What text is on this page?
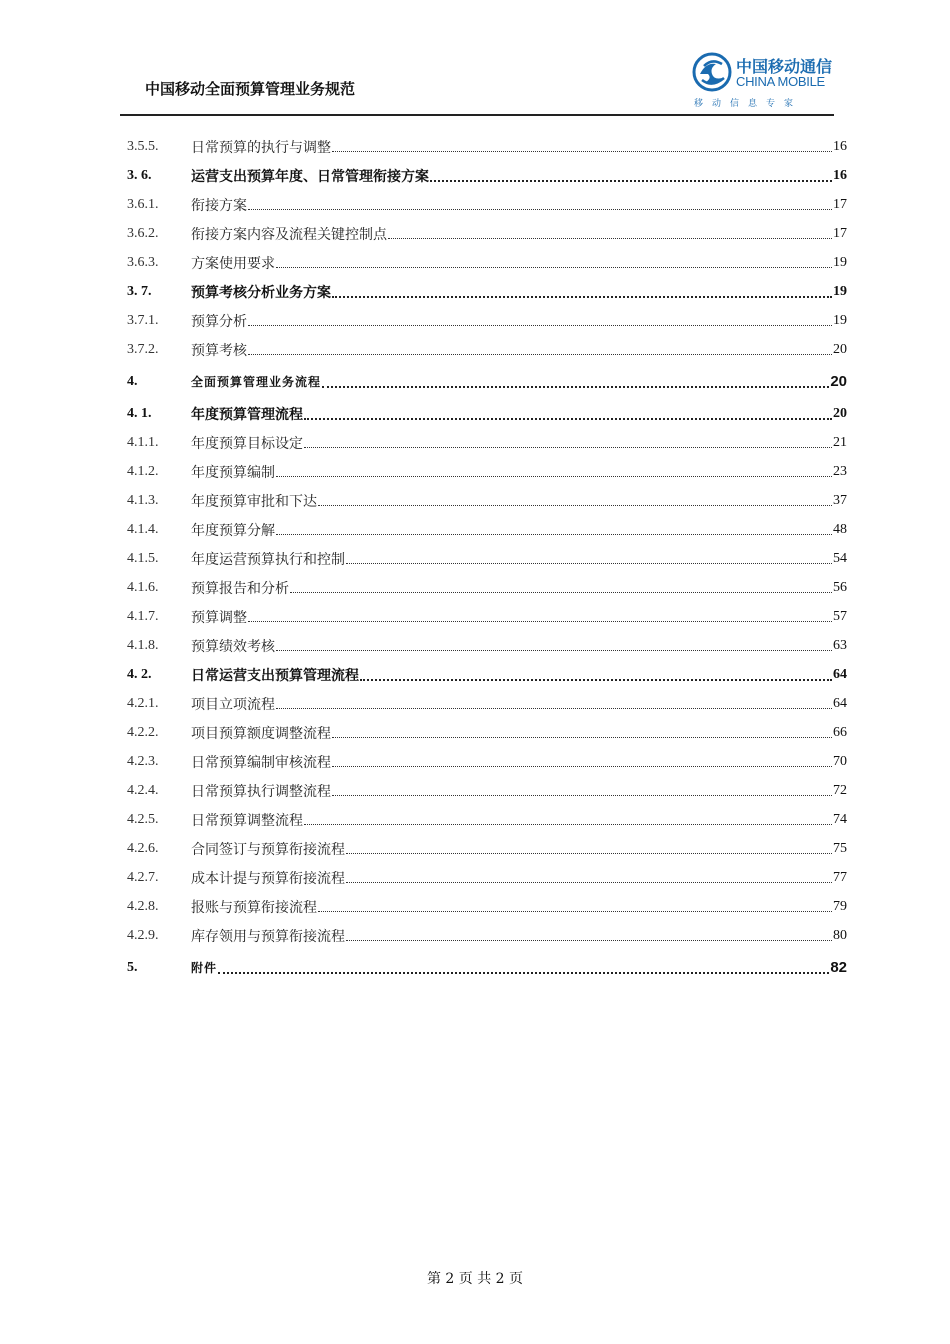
中国移动全面预算管理业务规范
中国移动通信
CHINA MOBILE
移动信息专家
3.5.5.	日常预算的执行与调整	16
3. 6.	运营支出预算年度、日常管理衔接方案	16
3.6.1.	衔接方案	17
3.6.2.	衔接方案内容及流程关键控制点	17
3.6.3.	方案使用要求	19
3. 7.	预算考核分析业务方案	19
3.7.1.	预算分析	19
3.7.2.	预算考核	20
4.	全面预算管理业务流程	20
4. 1.	年度预算管理流程	20
4.1.1.	年度预算目标设定	21
4.1.2.	年度预算编制	23
4.1.3.	年度预算审批和下达	37
4.1.4.	年度预算分解	48
4.1.5.	年度运营预算执行和控制	54
4.1.6.	预算报告和分析	56
4.1.7.	预算调整	57
4.1.8.	预算绩效考核	63
4. 2.	日常运营支出预算管理流程	64
4.2.1.	项目立项流程	64
4.2.2.	项目预算额度调整流程	66
4.2.3.	日常预算编制审核流程	70
4.2.4.	日常预算执行调整流程	72
4.2.5.	日常预算调整流程	74
4.2.6.	合同签订与预算衔接流程	75
4.2.7.	成本计提与预算衔接流程	77
4.2.8.	报账与预算衔接流程	79
4.2.9.	库存领用与预算衔接流程	80
5.	附件	82
第 2 页 共 2 页
